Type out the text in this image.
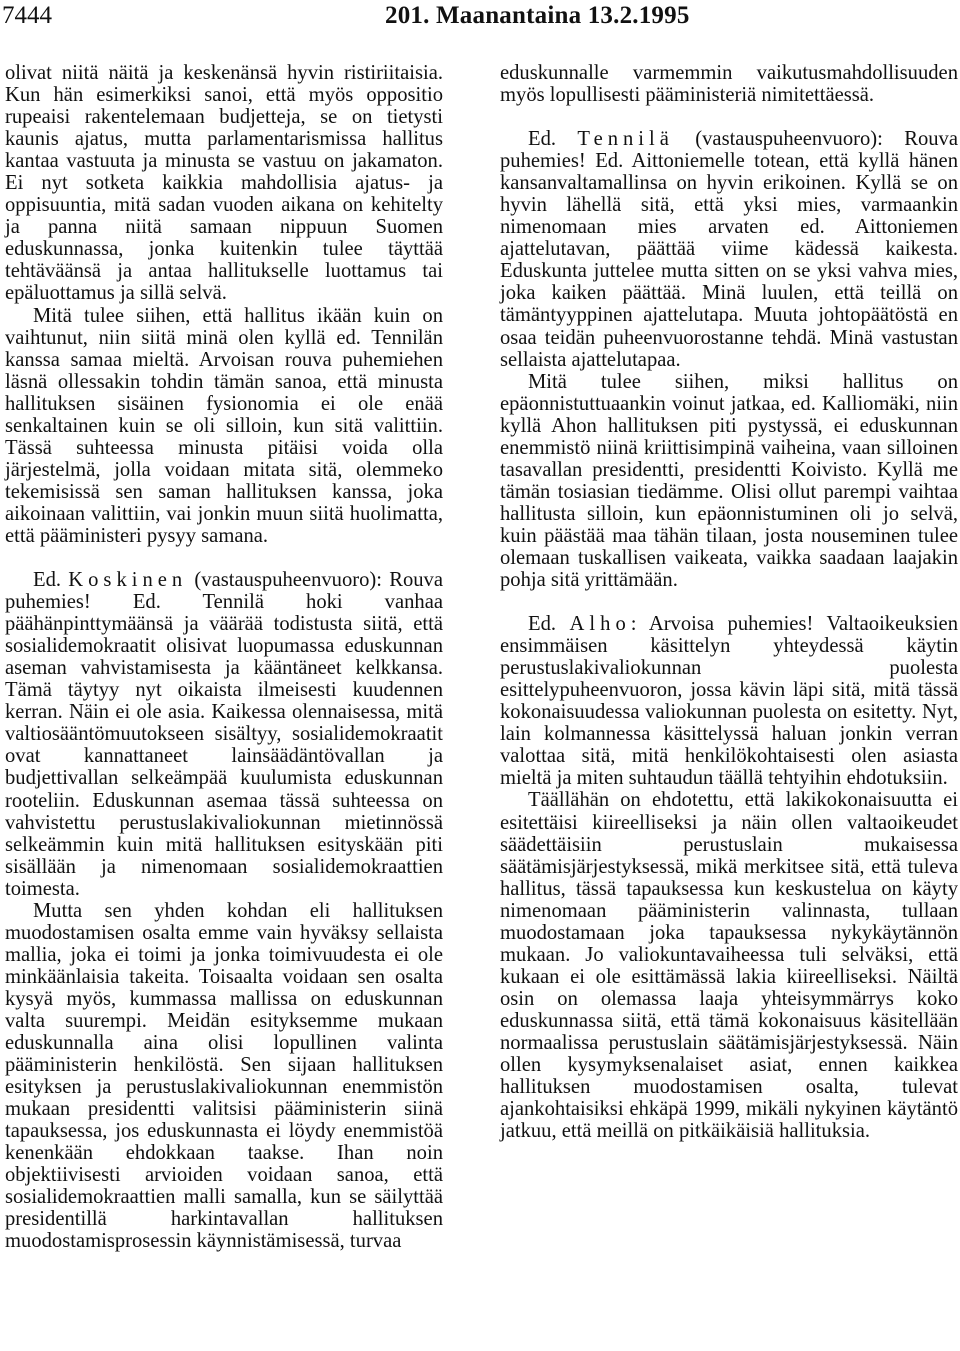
7444	201. Maanantaina 13.2.1995

olivat niitä näitä ja keskenänsä hyvin ristiriitaisia. Kun hän esimerkiksi sanoi, että myös oppositio rupeaisi rakentelemaan budjetteja, se on tietysti kaunis ajatus, mutta parlamentarismissa hallitus kantaa vastuuta ja minusta se vastuu on jakamaton. Ei nyt sotketa kaikkia mahdollisia ajatus- ja oppisuuntia, mitä sadan vuoden aikana on kehitelty ja panna niitä samaan nippuun Suomen eduskunnassa, jonka kuitenkin tulee täyttää tehtäväänsä ja antaa hallitukselle luottamus tai epäluottamus ja sillä selvä.

Mitä tulee siihen, että hallitus ikään kuin on vaihtunut, niin siitä minä olen kyllä ed. Tennilän kanssa samaa mieltä. Arvoisan rouva puhemiehen läsnä ollessakin tohdin tämän sanoa, että minusta hallituksen sisäinen fysionomia ei ole enää senkaltainen kuin se oli silloin, kun sitä valittiin. Tässä suhteessa minusta pitäisi voida olla järjestelmä, jolla voidaan mitata sitä, olemmeko tekemisissä sen saman hallituksen kanssa, joka aikoinaan valittiin, vai jonkin muun siitä huolimatta, että pääministeri pysyy samana.

Ed. Koskinen (vastauspuheenvuoro): Rouva puhemies! Ed. Tennilä hoki vanhaa päähänpinttymäänsä ja väärää todistusta siitä, että sosialidemokraatit olisivat luopumassa eduskunnan aseman vahvistamisesta ja kääntäneet kelkkansa. Tämä täytyy nyt oikaista ilmeisesti kuudennen kerran. Näin ei ole asia. Kaikessa olennaisessa, mitä valtiosääntömuutokseen sisältyy, sosialidemokraatit ovat kannattaneet lainsäädäntövallan ja budjettivallan selkeämpää kuulumista eduskunnan rooteliin. Eduskunnan asemaa tässä suhteessa on vahvistettu perustuslakivaliokunnan mietinnössä selkeämmin kuin mitä hallituksen esityskään piti sisällään ja nimenomaan sosialidemokraattien toimesta.

Mutta sen yhden kohdan eli hallituksen muodostamisen osalta emme vain hyväksy sellaista mallia, joka ei toimi ja jonka toimivuudesta ei ole minkäänlaisia takeita. Toisaalta voidaan sen osalta kysyä myös, kummassa mallissa on eduskunnan valta suurempi. Meidän esityksemme mukaan eduskunnalla aina olisi lopullinen valinta pääministerin henkilöstä. Sen sijaan hallituksen esityksen ja perustuslakivaliokunnan enemmistön mukaan presidentti valitsisi pääministerin siinä tapauksessa, jos eduskunnasta ei löydy enemmistöä kenenkään ehdokkaan taakse. Ihan noin objektiivisesti arvioiden voidaan sanoa, että sosialidemokraattien malli samalla, kun se säilyttää presidentillä harkintavallan hallituksen muodostamisprosessin käynnistämisessä, turvaa

eduskunnalle varmemmin vaikutusmahdollisuuden myös lopullisesti pääministeriä nimitettäessä.

Ed. Tennilä (vastauspuheenvuoro): Rouva puhemies! Ed. Aittoniemelle totean, että kyllä hänen kansanvaltamallinsa on hyvin erikoinen. Kyllä se on hyvin lähellä sitä, että yksi mies, varmaankin nimenomaan mies arvaten ed. Aittoniemen ajattelutavan, päättää viime kädessä kaikesta. Eduskunta juttelee mutta sitten on se yksi vahva mies, joka kaiken päättää. Minä luulen, että teillä on tämäntyyppinen ajattelutapa. Muuta johtopäätöstä en osaa teidän puheenvuorostanne tehdä. Minä vastustan sellaista ajattelutapaa.

Mitä tulee siihen, miksi hallitus on epäonnistuttuaankin voinut jatkaa, ed. Kalliomäki, niin kyllä Ahon hallituksen piti pystyssä, ei eduskunnan enemmistö niinä kriittisimpinä vaiheina, vaan silloinen tasavallan presidentti, presidentti Koivisto. Kyllä me tämän tosiasian tiedämme. Olisi ollut parempi vaihtaa hallitusta silloin, kun epäonnistuminen oli jo selvä, kuin päästää maa tähän tilaan, josta nouseminen tulee olemaan tuskallisen vaikeata, vaikka saadaan laajakin pohja sitä yrittämään.

Ed. Alho: Arvoisa puhemies! Valtaoikeuksien ensimmäisen käsittelyn yhteydessä käytin perustuslakivaliokunnan puolesta esittelypuheenvuoron, jossa kävin läpi sitä, mitä tässä kokonaisuudessa valiokunnan puolesta on esitetty. Nyt, lain kolmannessa käsittelyssä haluan jonkin verran valottaa sitä, mitä henkilökohtaisesti olen asiasta mieltä ja miten suhtaudun täällä tehtyihin ehdotuksiin.

Täällähän on ehdotettu, että lakikokonaisuutta ei esitettäisi kiireelliseksi ja näin ollen valtaoikeudet säädettäisiin perustuslain mukaisessa säätämisjärjestyksessä, mikä merkitsee sitä, että tuleva hallitus, tässä tapauksessa kun keskustelua on käyty nimenomaan pääministerin valinnasta, tullaan muodostamaan joka tapauksessa nykykäytännön mukaan. Jo valiokuntavaiheessa tuli selväksi, että kukaan ei ole esittämässä lakia kiireelliseksi. Näiltä osin on olemassa laaja yhteisymmärrys koko eduskunnassa siitä, että tämä kokonaisuus käsitellään normaalissa perustuslain säätämisjärjestyksessä. Näin ollen kysymyksenalaiset asiat, ennen kaikkea hallituksen muodostamisen osalta, tulevat ajankohtaisiksi ehkäpä 1999, mikäli nykyinen käytäntö jatkuu, että meillä on pitkäikäisiä hallituksia.
